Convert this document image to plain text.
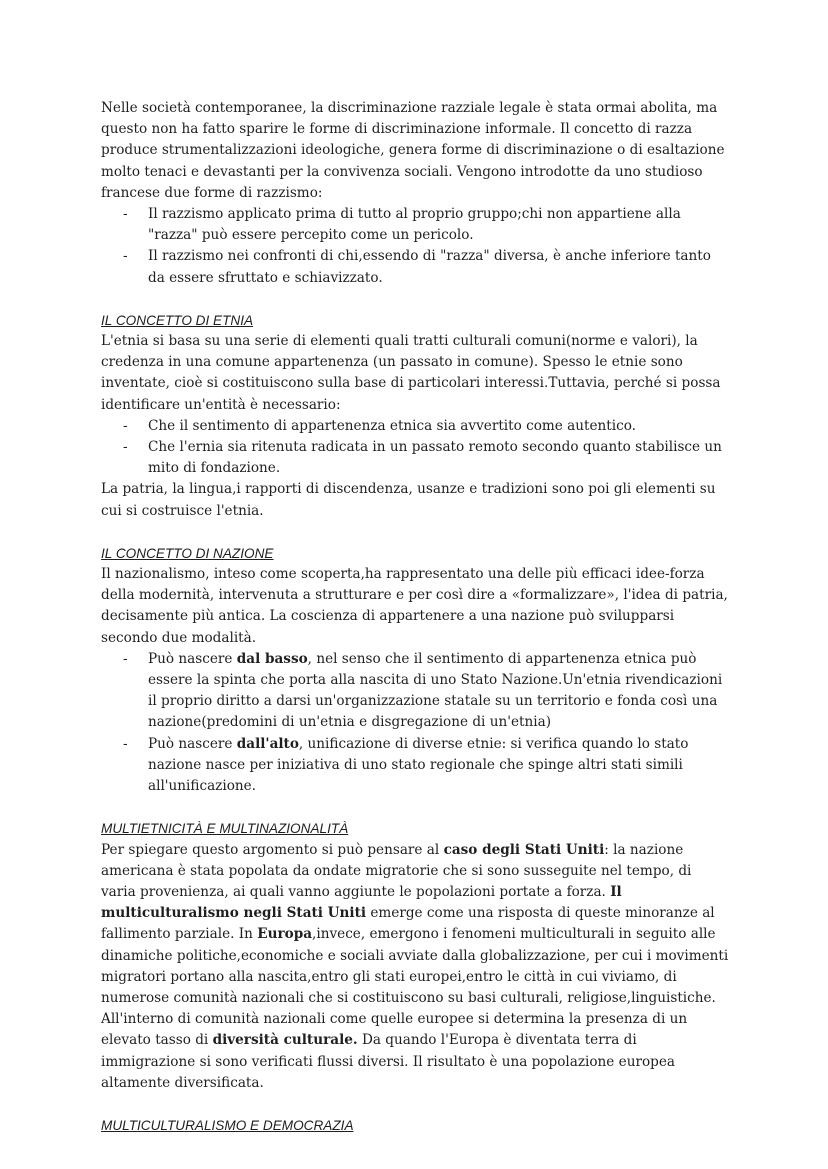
Nelle società contemporanee, la discriminazione razziale legale è stata ormai abolita, ma questo non ha fatto sparire le forme di discriminazione informale. Il concetto di razza produce strumentalizzazioni ideologiche, genera forme di discriminazione o di esaltazione molto tenaci e devastanti per la convivenza sociali. Vengono introdotte da uno studioso francese due forme di razzismo:

- Il razzismo applicato prima di tutto al proprio gruppo;chi non appartiene alla "razza" può essere percepito come un pericolo.
- Il razzismo nei confronti di chi,essendo di "razza" diversa, è anche inferiore tanto da essere sfruttato e schiavizzato.

IL CONCETTO DI ETNIA

L'etnia si basa su una serie di elementi quali tratti culturali comuni(norme e valori), la credenza in una comune appartenenza (un passato in comune). Spesso le etnie sono inventate, cioè si costituiscono sulla base di particolari interessi.Tuttavia, perché si possa identificare un'entità è necessario:

- Che il sentimento di appartenenza etnica sia avvertito come autentico.
- Che l'ernia sia ritenuta radicata in un passato remoto secondo quanto stabilisce un mito di fondazione.

La patria, la lingua,i rapporti di discendenza, usanze e tradizioni sono poi gli elementi su cui si costruisce l'etnia.

IL CONCETTO DI NAZIONE

Il nazionalismo, inteso come scoperta,ha rappresentato una delle più efficaci idee-forza della modernità, intervenuta a strutturare e per così dire a «formalizzare», l'idea di patria, decisamente più antica. La coscienza di appartenere a una nazione può svilupparsi secondo due modalità.

- Può nascere dal basso, nel senso che il sentimento di appartenenza etnica può essere la spinta che porta alla nascita di uno Stato Nazione.Un'etnia rivendicazioni il proprio diritto a darsi un'organizzazione statale su un territorio e fonda così una nazione(predomini di un'etnia e disgregazione di un'etnia)
- Può nascere dall'alto, unificazione di diverse etnie: si verifica quando lo stato nazione nasce per iniziativa di uno stato regionale che spinge altri stati simili all'unificazione.

MULTIETNICITÀ E MULTINAZIONALITÀ

Per spiegare questo argomento si può pensare al caso degli Stati Uniti: la nazione americana è stata popolata da ondate migratorie che si sono susseguite nel tempo, di varia provenienza, ai quali vanno aggiunte le popolazioni portate a forza. Il multiculturalismo negli Stati Uniti emerge come una risposta di queste minoranze al fallimento parziale. In Europa,invece, emergono i fenomeni multiculturali in seguito alle dinamiche politiche,economiche e sociali avviate dalla globalizzazione, per cui i movimenti migratori portano alla nascita,entro gli stati europei,entro le città in cui viviamo, di numerose comunità nazionali che si costituiscono su basi culturali, religiose,linguistiche.

All'interno di comunità nazionali come quelle europee si determina la presenza di un elevato tasso di diversità culturale. Da quando l'Europa è diventata terra di immigrazione si sono verificati flussi diversi. Il risultato è una popolazione europea altamente diversificata.

MULTICULTURALISMO E DEMOCRAZIA
